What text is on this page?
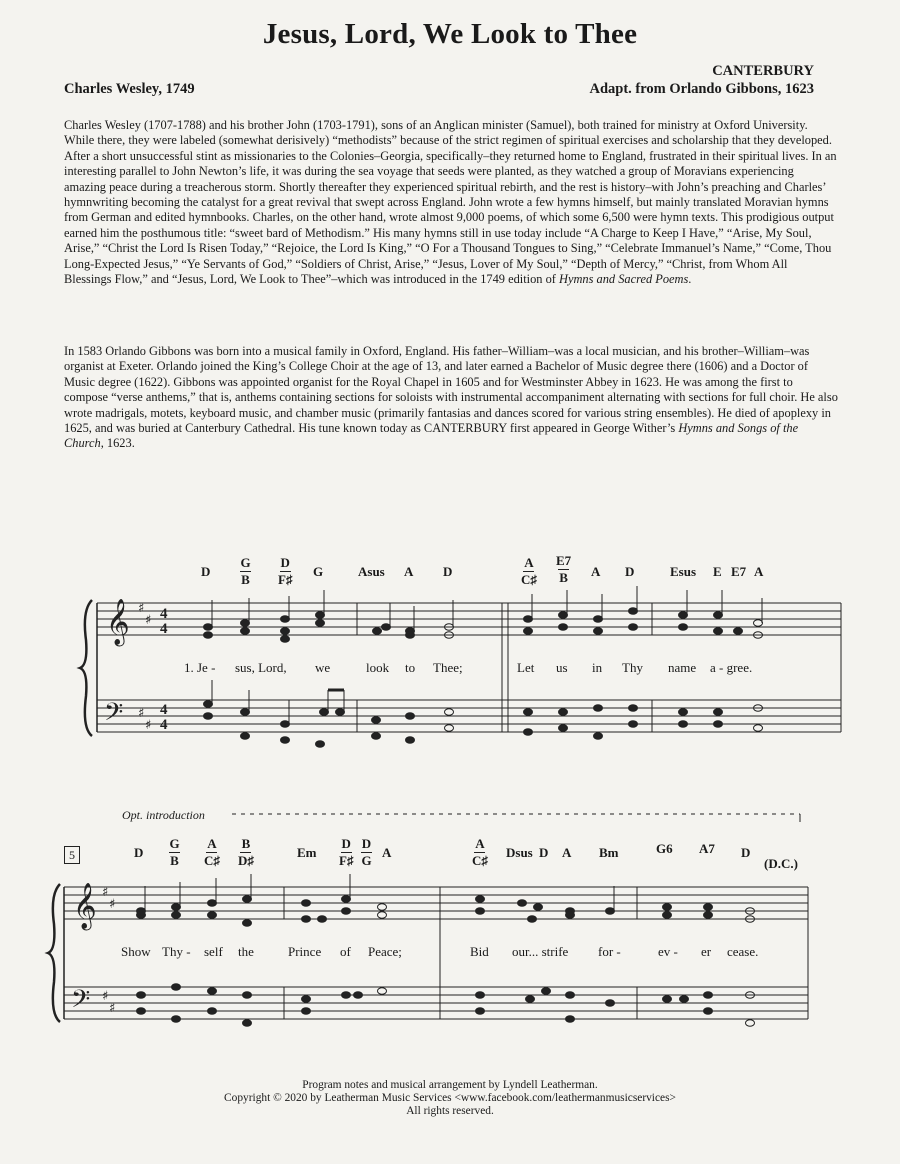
Jesus, Lord, We Look to Thee
Charles Wesley, 1749
CANTERBURY
Adapt. from Orlando Gibbons, 1623
Charles Wesley (1707-1788) and his brother John (1703-1791), sons of an Anglican minister (Samuel), both trained for ministry at Oxford University. While there, they were labeled (somewhat derisively) “methodists” because of the strict regimen of spiritual exercises and scholarship that they developed. After a short unsuccessful stint as missionaries to the Colonies–Georgia, specifically–they returned home to England, frustrated in their spiritual lives. In an interesting parallel to John Newton’s life, it was during the sea voyage that seeds were planted, as they watched a group of Moravians experiencing amazing peace during a treacherous storm. Shortly thereafter they experienced spiritual rebirth, and the rest is history–with John’s preaching and Charles’ hymnwriting becoming the catalyst for a great revival that swept across England. John wrote a few hymns himself, but mainly translated Moravian hymns from German and edited hymnbooks. Charles, on the other hand, wrote almost 9,000 poems, of which some 6,500 were hymn texts. This prodigious output earned him the posthumous title: “sweet bard of Methodism.” His many hymns still in use today include “A Charge to Keep I Have,” “Arise, My Soul, Arise,” “Christ the Lord Is Risen Today,” “Rejoice, the Lord Is King,” “O For a Thousand Tongues to Sing,” “Celebrate Immanuel’s Name,” “Come, Thou Long-Expected Jesus,” “Ye Servants of God,” “Soldiers of Christ, Arise,” “Jesus, Lover of My Soul,” “Depth of Mercy,” “Christ, from Whom All Blessings Flow,” and “Jesus, Lord, We Look to Thee”–which was introduced in the 1749 edition of Hymns and Sacred Poems.
In 1583 Orlando Gibbons was born into a musical family in Oxford, England. His father–William–was a local musician, and his brother–William–was organist at Exeter. Orlando joined the King’s College Choir at the age of 13, and later earned a Bachelor of Music degree there (1606) and a Doctor of Music degree (1622). Gibbons was appointed organist for the Royal Chapel in 1605 and for Westminster Abbey in 1623. He was among the first to compose “verse anthems,” that is, anthems containing sections for soloists with instrumental accompaniment alternating with sections for full choir. He also wrote madrigals, motets, keyboard music, and chamber music (primarily fantasias and dances scored for various string ensembles). He died of apoplexy in 1625, and was buried at Canterbury Cathedral. His tune known today as CANTERBURY first appeared in George Wither’s Hymns and Songs of the Church, 1623.
𝄞
𝄢
𝄞
𝄢
♯
♯
♯
♯
♯
♯
♯
♯
4
4
4
4
D
G
B
D
F♯
G	Asus A D
A
C♯
E7
B A D	Esus E E7 A
1. Je - sus, Lord, we	look to Thee;	Let us in Thy name a - gree.
Opt. introduction
5
(D.C.)
D
G
B
A
C♯
B
D♯
Em
D
F♯
D
G
A
A
C♯
Dsus D A Bm	G6 A7 D
Show Thy - self the	Prince of Peace;	Bid our... strife for -	ev - er cease.
Program notes and musical arrangement by Lyndell Leatherman.
Copyright © 2020 by Leatherman Music Services <www.facebook.com/leathermanmusicservices>
All rights reserved.
